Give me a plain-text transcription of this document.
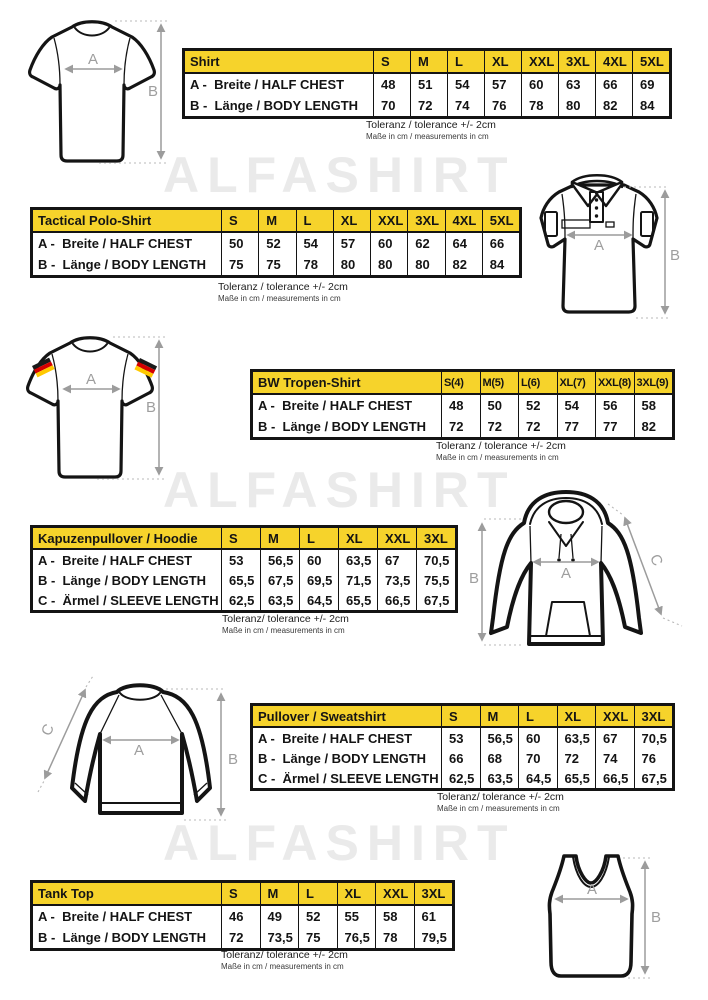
ALFASHIRT
ALFASHIRT
ALFASHIRT
A
B
Shirt	S	M	L	XL	XXL 3XL	4XL	5XL
A -  Breite / HALF CHEST	48	51	54	57	60	63	66	69
B -  Länge / BODY LENGTH	70	72	74	76	78	80	82	84
Toleranz / tolerance +/- 2cm
Maße in cm / measurements in cm
Tactical Polo-Shirt	S	M	L	XL	XXL 3XL	4XL	5XL
A -  Breite / HALF CHEST	50	52	54	57	60	62	64	66
B -  Länge / BODY LENGTH	75	75	78	80	80	80	82	84
Toleranz / tolerance +/- 2cm
Maße in cm / measurements in cm
A
B
A
B
BW Tropen-Shirt	S(4)	M(5)	L(6)	XL(7)	XXL(8) 3XL(9)
A -  Breite / HALF CHEST	48	50	52	54	56	58
B -  Länge / BODY LENGTH	72	72	72	77	77	82
Toleranz / tolerance +/- 2cm
Maße in cm / measurements in cm
Kapuzenpullover / Hoodie	S	M	L	XL	XXL	3XL
A -  Breite / HALF CHEST	53	56,5	60	63,5	67	70,5
B -  Länge / BODY LENGTH	65,5	67,5	69,5	71,5	73,5	75,5
C -  Ärmel / SLEEVE LENGTH 62,5	63,5	64,5	65,5	66,5	67,5
Toleranz/ tolerance +/- 2cm
Maße in cm / measurements in cm
B	A
C
C
A
B
Pullover / Sweatshirt	S	M	L	XL	XXL	3XL
A -  Breite / HALF CHEST	53	56,5	60	63,5	67	70,5
B -  Länge / BODY LENGTH	66	68	70	72	74	76
C -  Ärmel / SLEEVE LENGTH 62,5	63,5	64,5	65,5	66,5	67,5
Toleranz/ tolerance +/- 2cm
Maße in cm / measurements in cm
Tank Top	S	M	L	XL	XXL	3XL
A -  Breite / HALF CHEST	46	49	52	55	58	61
B -  Länge / BODY LENGTH	72	73,5	75	76,5	78	79,5
Toleranz/ tolerance +/- 2cm
Maße in cm / measurements in cm
A
B
